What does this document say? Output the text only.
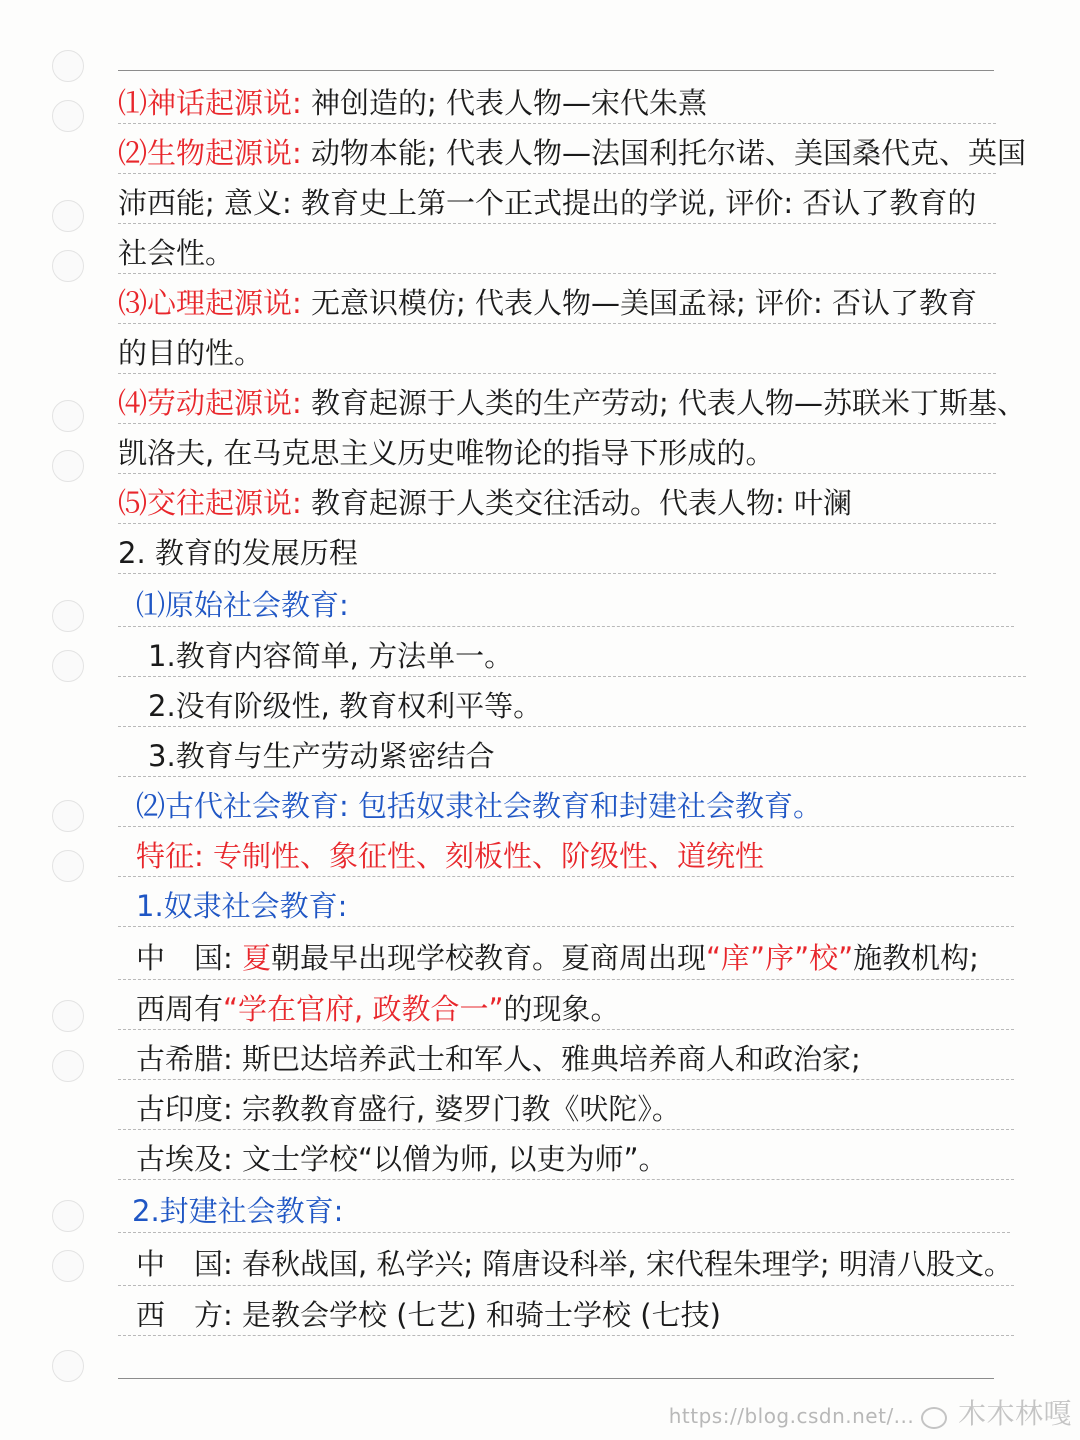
⑴神话起源说: 神创造的; 代表人物—宋代朱熹
⑵生物起源说: 动物本能; 代表人物—法国利托尔诺、美国桑代克、英国
沛西能; 意义: 教育史上第一个正式提出的学说, 评价: 否认了教育的
社会性。
⑶心理起源说: 无意识模仿; 代表人物—美国孟禄; 评价: 否认了教育
的目的性。
⑷劳动起源说: 教育起源于人类的生产劳动; 代表人物—苏联米丁斯基、
凯洛夫, 在马克思主义历史唯物论的指导下形成的。
⑸交往起源说: 教育起源于人类交往活动。代表人物: 叶澜
2. 教育的发展历程
⑴原始社会教育:
1.教育内容简单, 方法单一。
2.没有阶级性, 教育权利平等。
3.教育与生产劳动紧密结合
⑵古代社会教育: 包括奴隶社会教育和封建社会教育。
特征: 专制性、象征性、刻板性、阶级性、道统性
1.奴隶社会教育:
中　国: 夏朝最早出现学校教育。夏商周出现“庠”序”校”施教机构;
西周有“学在官府, 政教合一”的现象。
古希腊: 斯巴达培养武士和军人、雅典培养商人和政治家;
古印度: 宗教教育盛行, 婆罗门教《吠陀》。
古埃及: 文士学校“以僧为师, 以吏为师”。
2.封建社会教育:
中　国: 春秋战国, 私学兴; 隋唐设科举, 宋代程朱理学; 明清八股文。
西　方: 是教会学校 (七艺) 和骑士学校 (七技)
https://blog.csdn.net/... 木木林嘎
